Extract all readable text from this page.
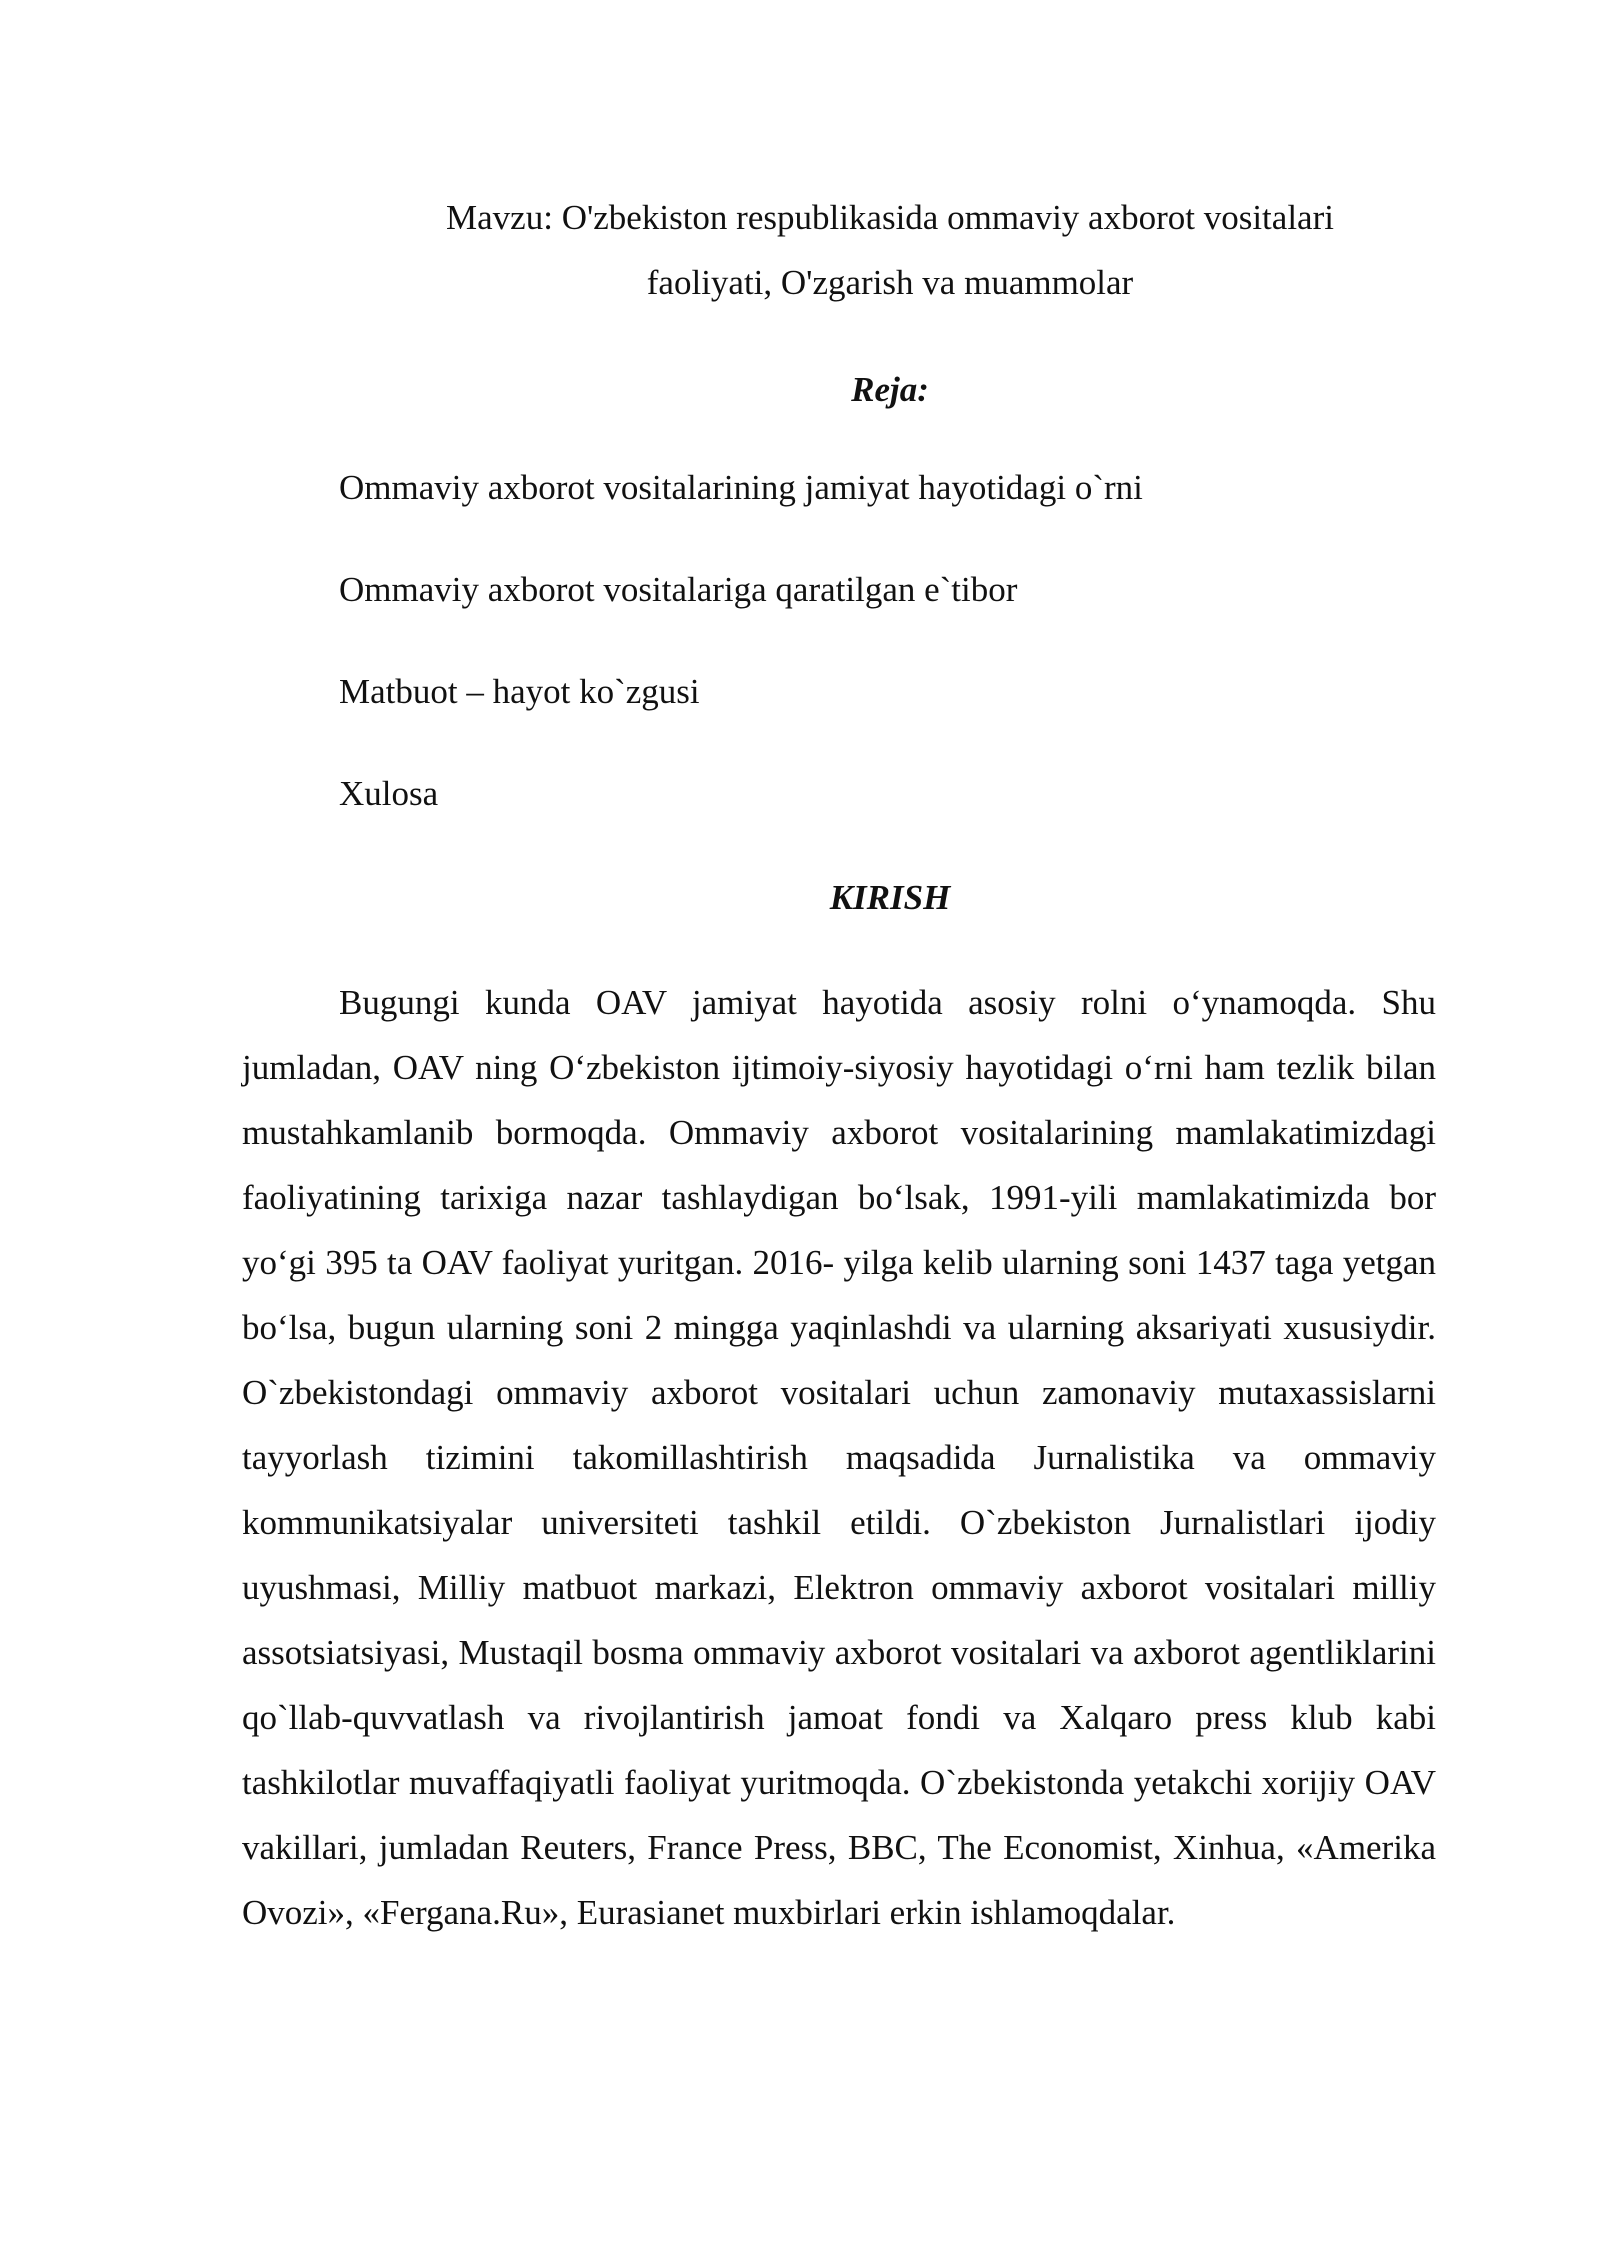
Mavzu: O'zbekiston respublikasida ommaviy axborot vositalari
faoliyati, O'zgarish va muammolar
Reja:
Ommaviy axborot vositalarining jamiyat hayotidagi o`rni
Ommaviy axborot vositalariga qaratilgan e`tibor
Matbuot – hayot ko`zgusi
Xulosa
KIRISH

Bugungi kunda OAV jamiyat hayotida asosiy rolni o‘ynamoqda. Shu jumladan, OAV ning O‘zbekiston ijtimoiy-siyosiy hayotidagi o‘rni ham tezlik bilan mustahkamlanib bormoqda. Ommaviy axborot vositalarining mamlakatimizdagi faoliyatining tarixiga nazar tashlaydigan bo‘lsak, 1991-yili mamlakatimizda bor yo‘gi 395 ta OAV faoliyat yuritgan. 2016- yilga kelib ularning soni 1437 taga yetgan bo‘lsa, bugun ularning soni 2 mingga yaqinlashdi va ularning aksariyati xususiydir. O`zbekistondagi ommaviy axborot vositalari uchun zamonaviy mutaxassislarni tayyorlash tizimini takomillashtirish maqsadida Jurnalistika va ommaviy kommunikatsiyalar universiteti tashkil etildi. O`zbekiston Jurnalistlari ijodiy uyushmasi, Milliy matbuot markazi, Elektron ommaviy axborot vositalari milliy assotsiatsiyasi, Mustaqil bosma ommaviy axborot vositalari va axborot agentliklarini qo`llab-quvvatlash va rivojlantirish jamoat fondi va Xalqaro press klub kabi tashkilotlar muvaffaqiyatli faoliyat yuritmoqda. O`zbekistonda yetakchi xorijiy OAV vakillari, jumladan Reuters, France Press, BBC, The Economist, Xinhua, «Amerika Ovozi», «Fergana.Ru», Eurasianet muxbirlari erkin ishlamoqdalar.
